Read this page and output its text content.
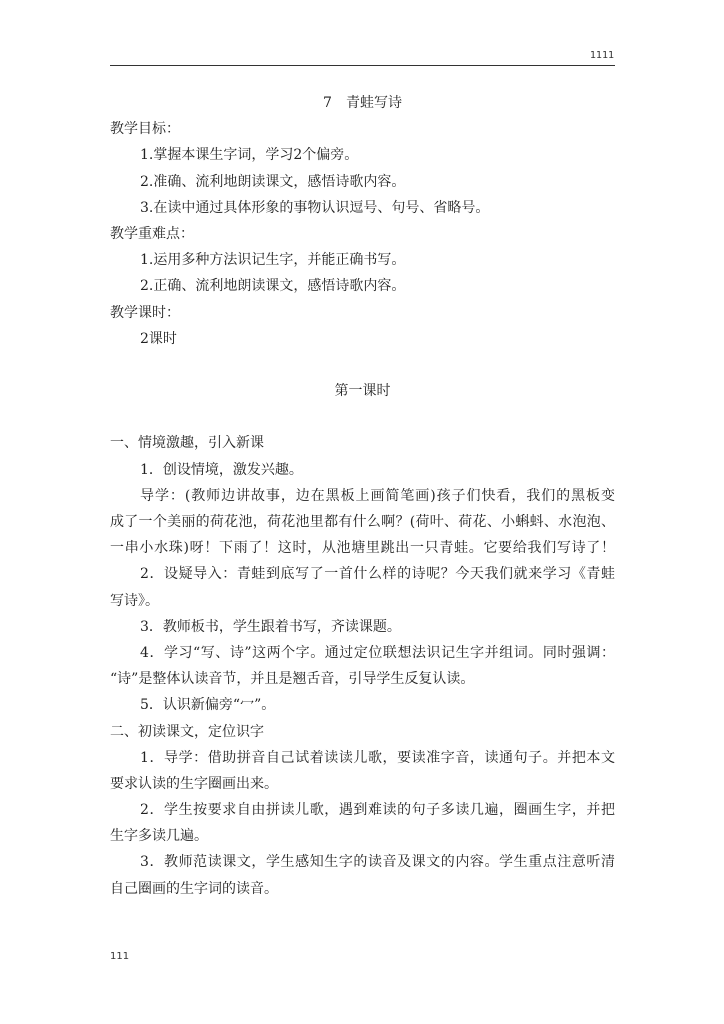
1111
7　青蛙写诗
教学目标：
1.掌握本课生字词，学习2个偏旁。
2.准确、流利地朗读课文，感悟诗歌内容。
3.在读中通过具体形象的事物认识逗号、句号、省略号。
教学重难点：
1.运用多种方法识记生字，并能正确书写。
2.正确、流利地朗读课文，感悟诗歌内容。
教学课时：
2课时
第一课时
一、情境激趣，引入新课
1．创设情境，激发兴趣。
导学：(教师边讲故事，边在黑板上画简笔画)孩子们快看，我们的黑板变
成了一个美丽的荷花池，荷花池里都有什么啊？(荷叶、荷花、小蝌蚪、水泡泡、
一串小水珠)呀！下雨了！这时，从池塘里跳出一只青蛙。它要给我们写诗了！
2．设疑导入：青蛙到底写了一首什么样的诗呢？今天我们就来学习《青蛙
写诗》。
3．教师板书，学生跟着书写，齐读课题。
4．学习“写、诗”这两个字。通过定位联想法识记生字并组词。同时强调：
“诗”是整体认读音节，并且是翘舌音，引导学生反复认读。
5．认识新偏旁“冖”。
二、初读课文，定位识字
1．导学：借助拼音自己试着读读儿歌，要读准字音，读通句子。并把本文
要求认读的生字圈画出来。
2．学生按要求自由拼读儿歌，遇到难读的句子多读几遍，圈画生字，并把
生字多读几遍。
3．教师范读课文，学生感知生字的读音及课文的内容。学生重点注意听清
自己圈画的生字词的读音。
111
